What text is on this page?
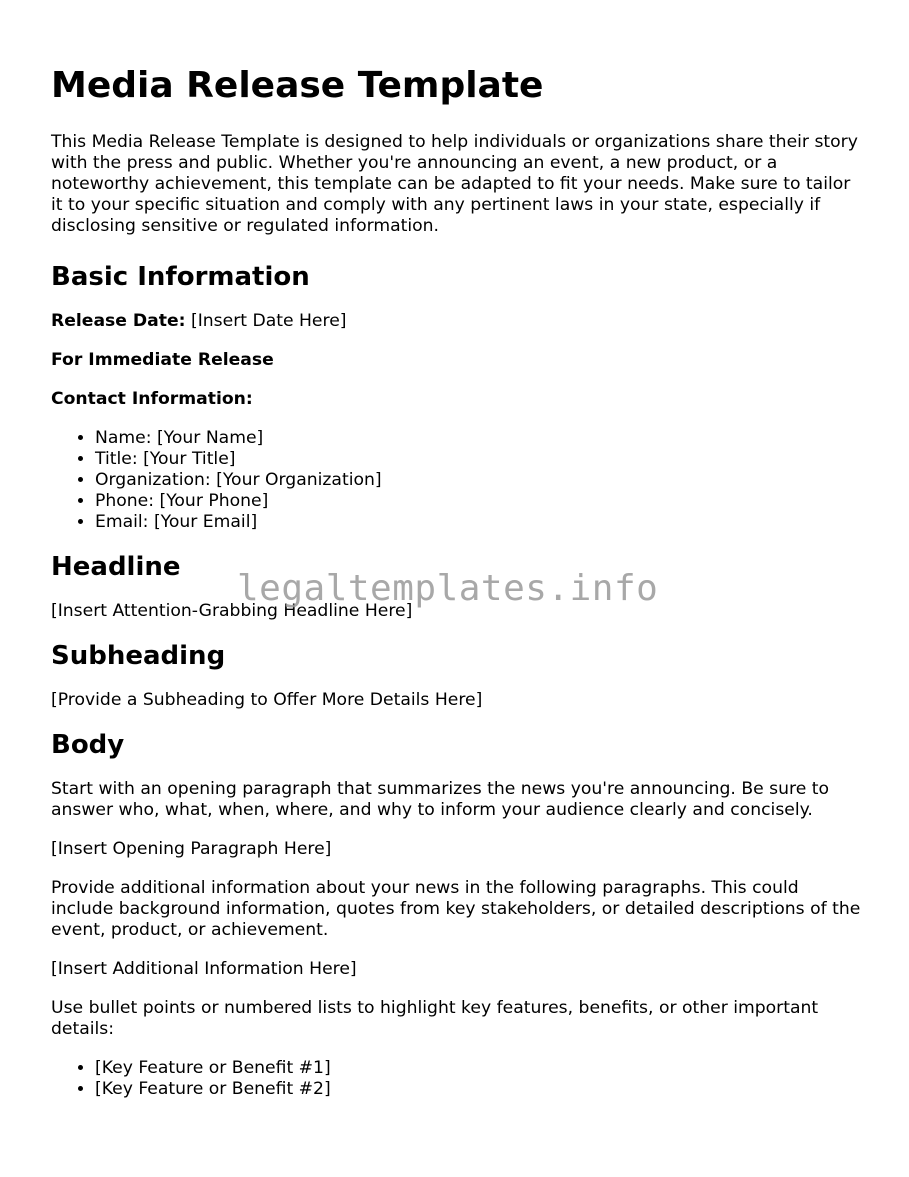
Media Release Template

This Media Release Template is designed to help individuals or organizations share their story with the press and public. Whether you're announcing an event, a new product, or a noteworthy achievement, this template can be adapted to fit your needs. Make sure to tailor it to your specific situation and comply with any pertinent laws in your state, especially if disclosing sensitive or regulated information.

Basic Information

Release Date: [Insert Date Here]

For Immediate Release

Contact Information:

• Name: [Your Name]
• Title: [Your Title]
• Organization: [Your Organization]
• Phone: [Your Phone]
• Email: [Your Email]
Headline

[Insert Attention-Grabbing Headline Here]

Subheading

[Provide a Subheading to Offer More Details Here]

Body

Start with an opening paragraph that summarizes the news you're announcing. Be sure to answer who, what, when, where, and why to inform your audience clearly and concisely.

[Insert Opening Paragraph Here]

Provide additional information about your news in the following paragraphs. This could include background information, quotes from key stakeholders, or detailed descriptions of the event, product, or achievement.

[Insert Additional Information Here]

Use bullet points or numbered lists to highlight key features, benefits, or other important details:

• [Key Feature or Benefit #1]
• [Key Feature or Benefit #2]
legaltemplates.info
